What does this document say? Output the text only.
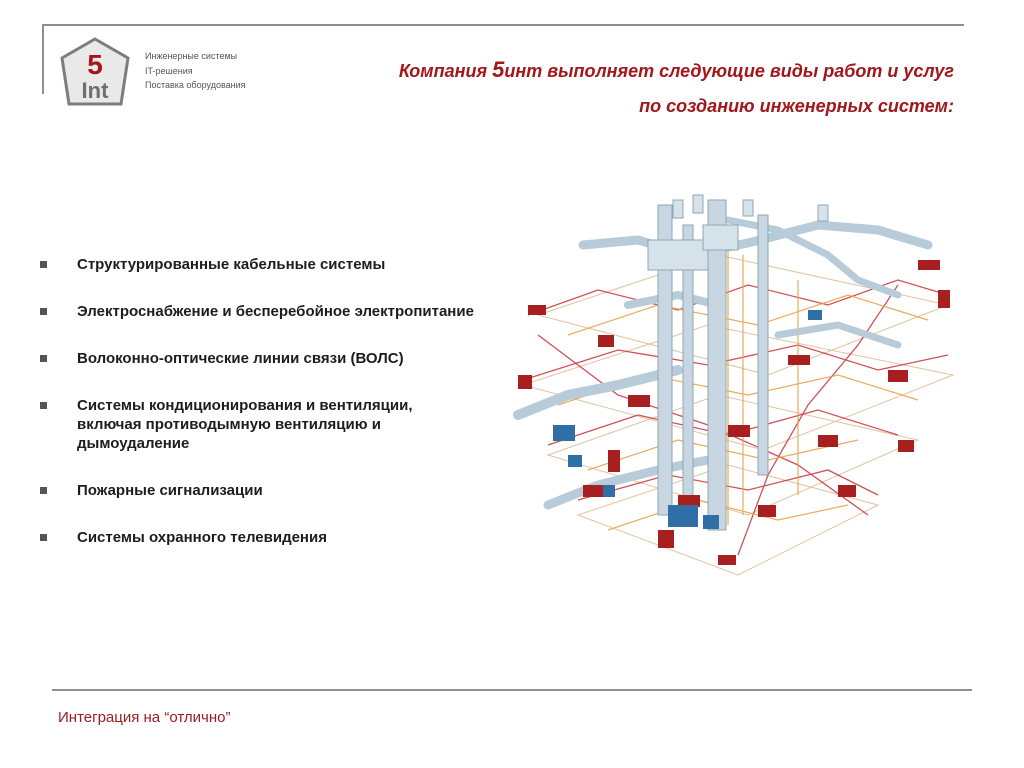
5
Int
Инженерные системы
IT-решения
Поставка оборудования
Компания 5инт выполняет следующие виды работ и услуг
по созданию инженерных систем:
Структурированные кабельные системы
Электроснабжение и бесперебойное электропитание
Волоконно-оптические линии связи (ВОЛС)
Системы кондиционирования и вентиляции, включая противодымную вентиляцию и дымоудаление
Пожарные сигнализации
Системы охранного телевидения
Интеграция на “отлично”
